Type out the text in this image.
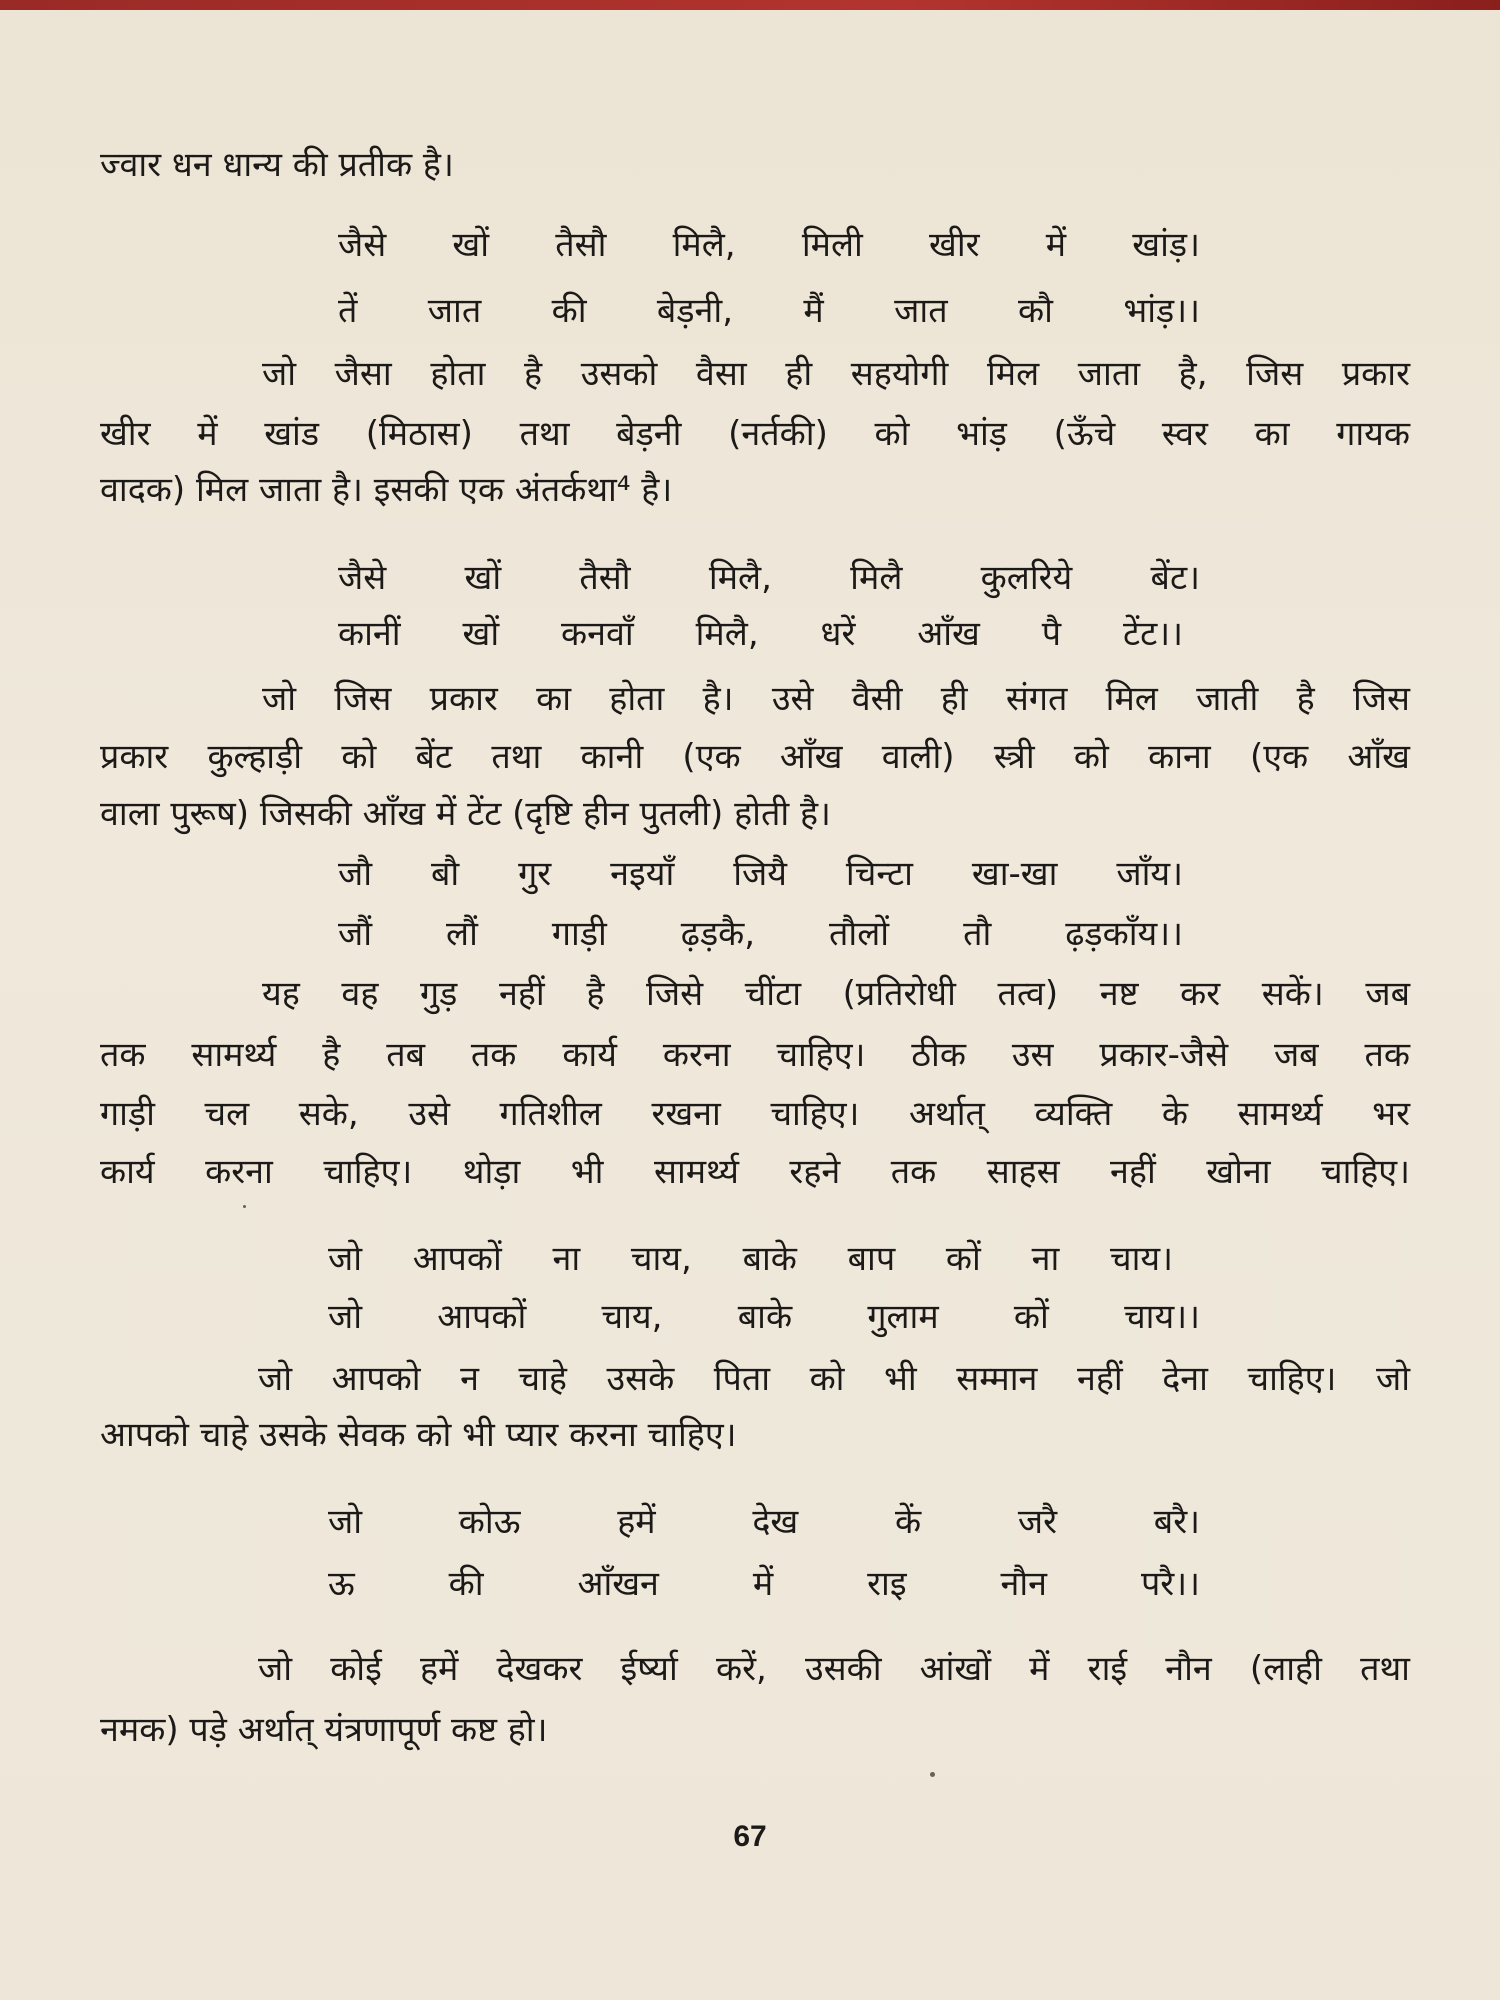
ज्वार धन धान्य की प्रतीक है।
जैसे खों तैसौ मिलै, मिली खीर में खांड़।
तें जात की बेड़नी, मैं जात कौ भांड़।।
जो जैसा होता है उसको वैसा ही सहयोगी मिल जाता है, जिस प्रकार
खीर में खांड (मिठास) तथा बेड़नी (नर्तकी) को भांड़ (ऊँचे स्वर का गायक
वादक) मिल जाता है। इसकी एक अंतर्कथा⁴ है।
जैसे खों तैसौ मिलै, मिलै कुलरिये बेंट।
कानीं खों कनवाँ मिलै, धरें आँख पै टेंट।।
जो जिस प्रकार का होता है। उसे वैसी ही संगत मिल जाती है जिस
प्रकार कुल्हाड़ी को बेंट तथा कानी (एक आँख वाली) स्त्री को काना (एक आँख
वाला पुरूष) जिसकी आँख में टेंट (दृष्टि हीन पुतली) होती है।
जौ बौ गुर नइयाँ जियै चिन्टा खा-खा जाँय।
जौं लौं गाड़ी ढ़ड़कै, तौलों तौ ढ़ड़काँय।।
यह वह गुड़ नहीं है जिसे चींटा (प्रतिरोधी तत्व) नष्ट कर सकें। जब
तक सामर्थ्य है तब तक कार्य करना चाहिए। ठीक उस प्रकार-जैसे जब तक
गाड़ी चल सके, उसे गतिशील रखना चाहिए। अर्थात् व्यक्ति के सामर्थ्य भर
कार्य करना चाहिए। थोड़ा भी सामर्थ्य रहने तक साहस नहीं खोना चाहिए।
जो आपकों ना चाय, बाके बाप कों ना चाय।
जो आपकों चाय, बाके गुलाम कों चाय।।
जो आपको न चाहे उसके पिता को भी सम्मान नहीं देना चाहिए। जो
आपको चाहे उसके सेवक को भी प्यार करना चाहिए।
जो कोऊ हमें देख कें जरै बरै।
ऊ की आँखन में राइ नौन परै।।
जो कोई हमें देखकर ईर्ष्या करें, उसकी आंखों में राई नौन (लाही तथा
नमक) पड़े अर्थात् यंत्रणापूर्ण कष्ट हो।
67
